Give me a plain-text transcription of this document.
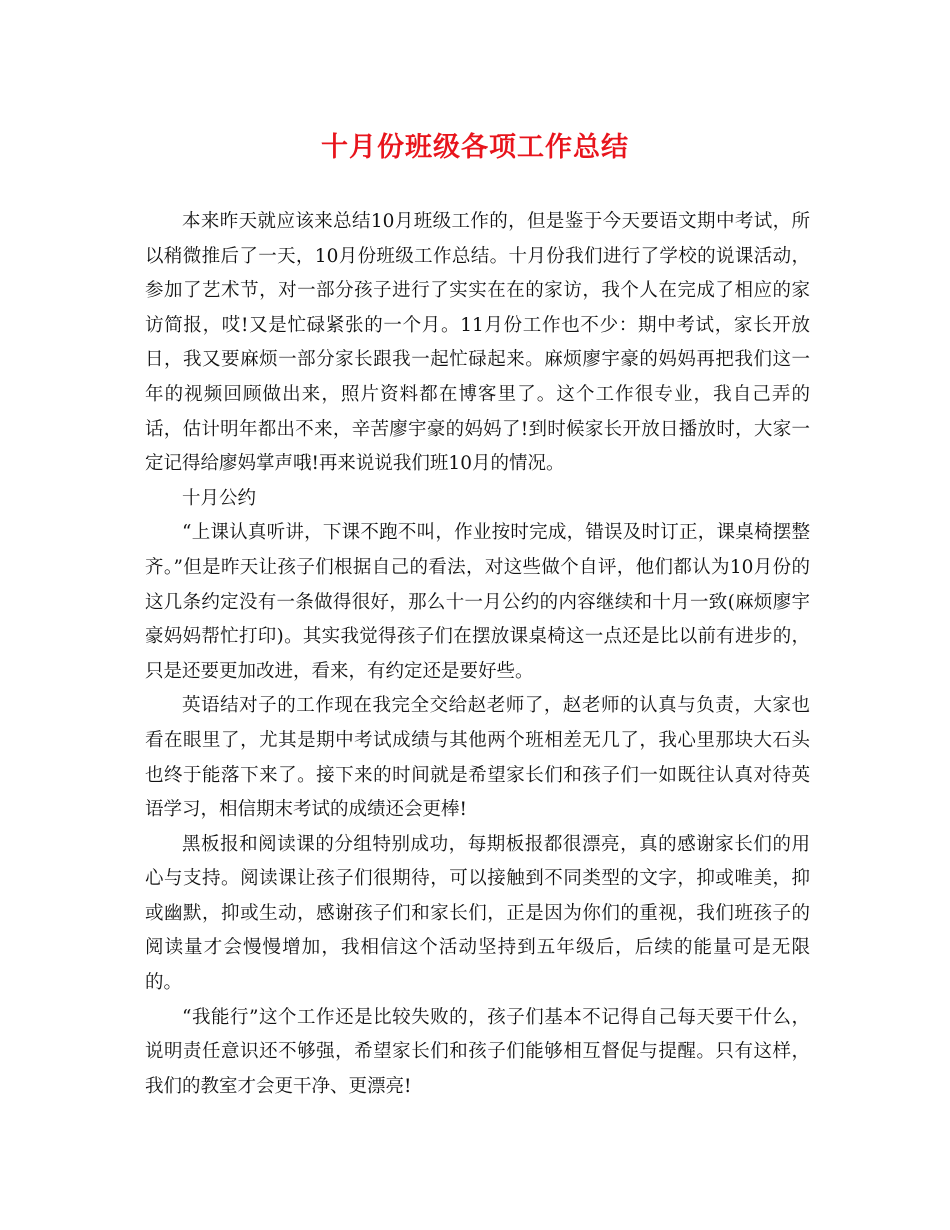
十月份班级各项工作总结

本来昨天就应该来总结10月班级工作的，但是鉴于今天要语文期中考试，所以稍微推后了一天，10月份班级工作总结。十月份我们进行了学校的说课活动，参加了艺术节，对一部分孩子进行了实实在在的家访，我个人在完成了相应的家访简报，哎!又是忙碌紧张的一个月。11月份工作也不少：期中考试，家长开放日，我又要麻烦一部分家长跟我一起忙碌起来。麻烦廖宇豪的妈妈再把我们这一年的视频回顾做出来，照片资料都在博客里了。这个工作很专业，我自己弄的话，估计明年都出不来，辛苦廖宇豪的妈妈了!到时候家长开放日播放时，大家一定记得给廖妈掌声哦!再来说说我们班10月的情况。

十月公约

“上课认真听讲，下课不跑不叫，作业按时完成，错误及时订正，课桌椅摆整齐。”但是昨天让孩子们根据自己的看法，对这些做个自评，他们都认为10月份的这几条约定没有一条做得很好，那么十一月公约的内容继续和十月一致(麻烦廖宇豪妈妈帮忙打印)。其实我觉得孩子们在摆放课桌椅这一点还是比以前有进步的，只是还要更加改进，看来，有约定还是要好些。

英语结对子的工作现在我完全交给赵老师了，赵老师的认真与负责，大家也看在眼里了，尤其是期中考试成绩与其他两个班相差无几了，我心里那块大石头也终于能落下来了。接下来的时间就是希望家长们和孩子们一如既往认真对待英语学习，相信期末考试的成绩还会更棒!

黑板报和阅读课的分组特别成功，每期板报都很漂亮，真的感谢家长们的用心与支持。阅读课让孩子们很期待，可以接触到不同类型的文字，抑或唯美，抑或幽默，抑或生动，感谢孩子们和家长们，正是因为你们的重视，我们班孩子的阅读量才会慢慢增加，我相信这个活动坚持到五年级后，后续的能量可是无限的。

“我能行”这个工作还是比较失败的，孩子们基本不记得自己每天要干什么，说明责任意识还不够强，希望家长们和孩子们能够相互督促与提醒。只有这样，我们的教室才会更干净、更漂亮!
